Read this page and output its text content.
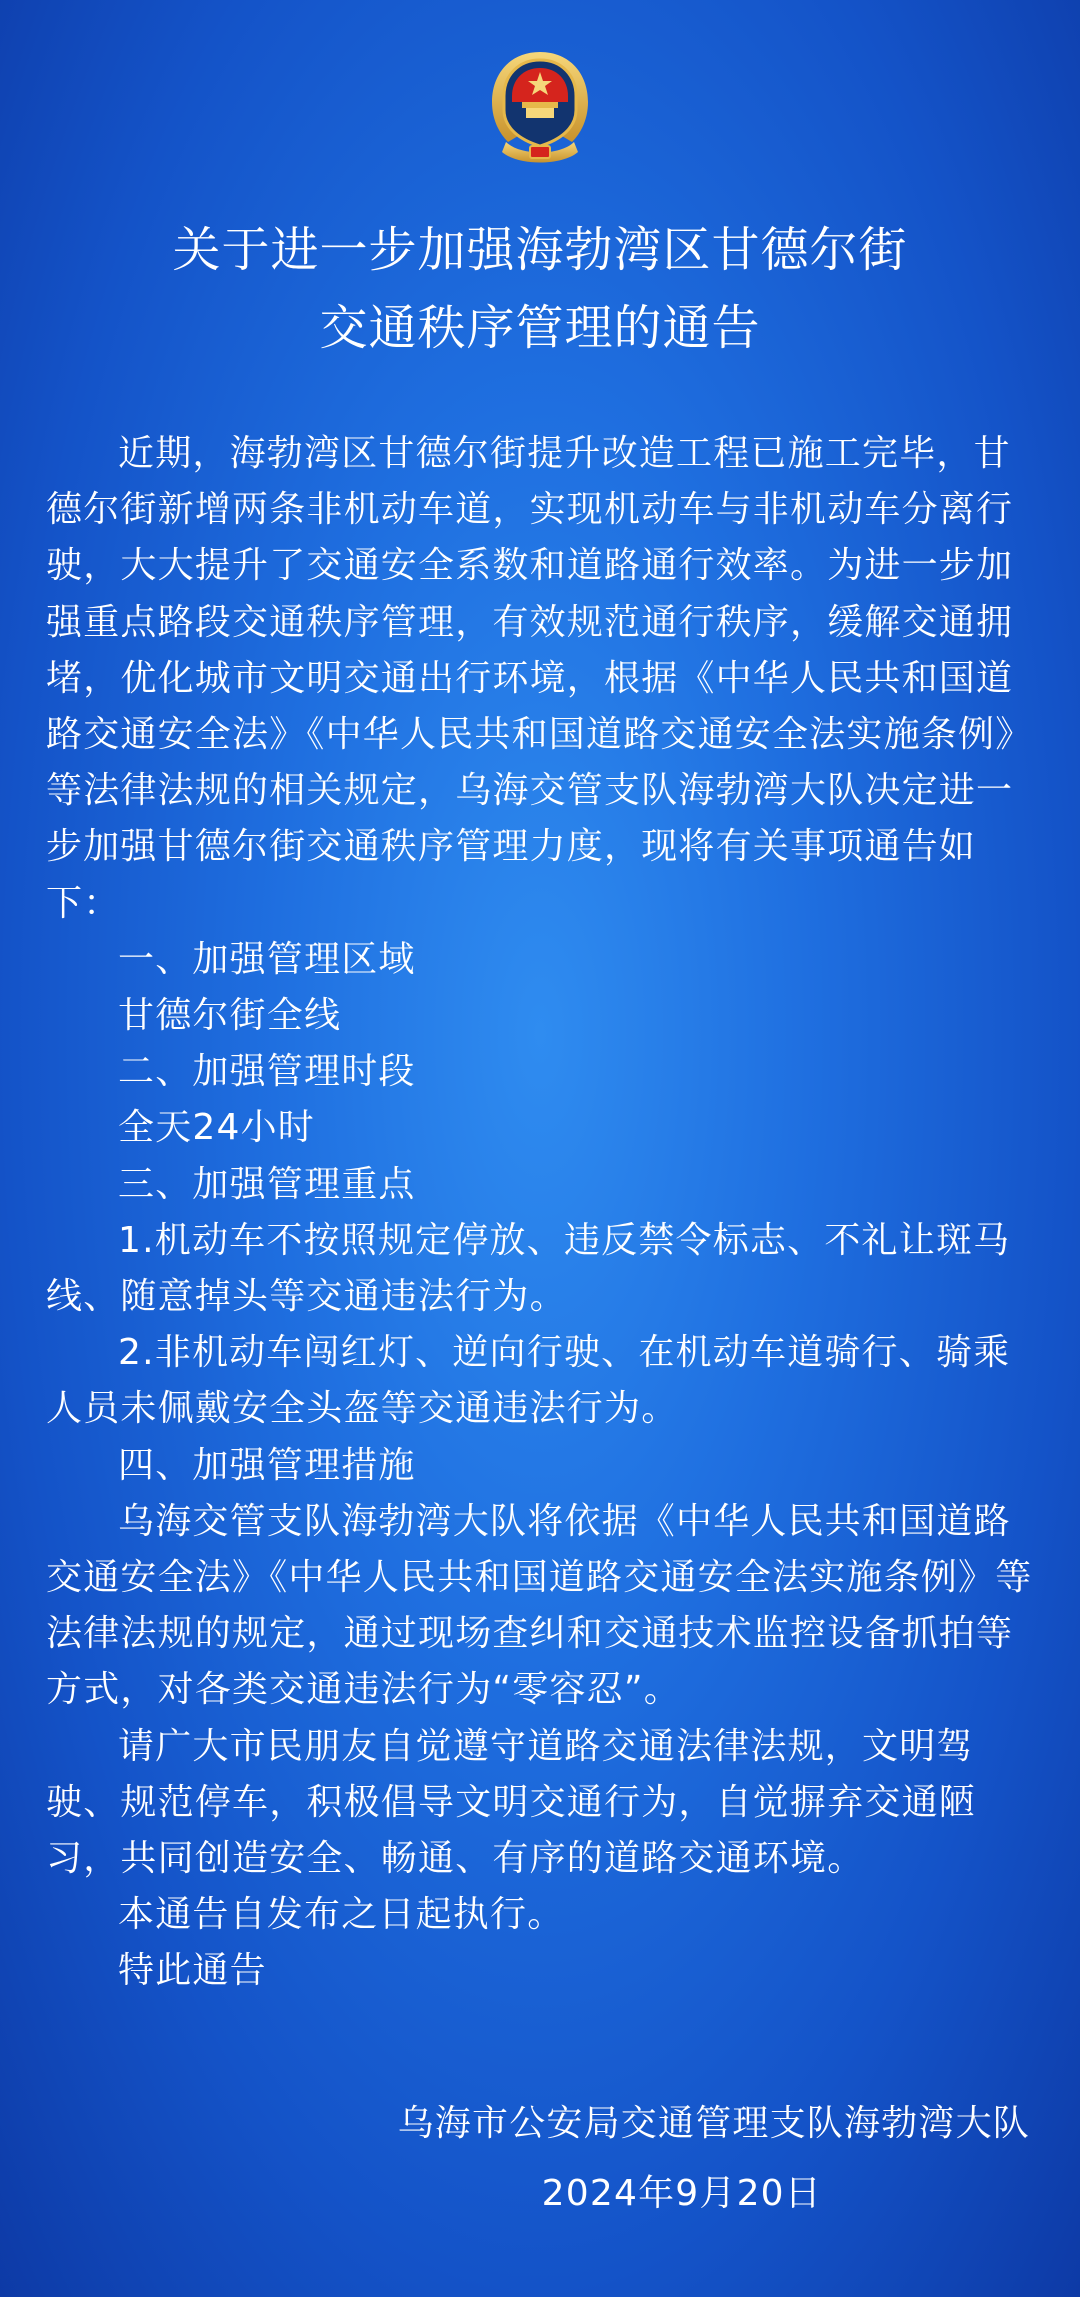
关于进一步加强海勃湾区甘德尔街
交通秩序管理的通告

近期，海勃湾区甘德尔街提升改造工程已施工完毕，甘德尔街新增两条非机动车道，实现机动车与非机动车分离行驶，大大提升了交通安全系数和道路通行效率。为进一步加强重点路段交通秩序管理，有效规范通行秩序，缓解交通拥堵，优化城市文明交通出行环境，根据《中华人民共和国道路交通安全法》《中华人民共和国道路交通安全法实施条例》等法律法规的相关规定，乌海交管支队海勃湾大队决定进一步加强甘德尔街交通秩序管理力度，现将有关事项通告如下：

一、加强管理区域

甘德尔街全线

二、加强管理时段

全天24小时

三、加强管理重点

1.机动车不按照规定停放、违反禁令标志、不礼让斑马线、随意掉头等交通违法行为。

2.非机动车闯红灯、逆向行驶、在机动车道骑行、骑乘人员未佩戴安全头盔等交通违法行为。

四、加强管理措施

乌海交管支队海勃湾大队将依据《中华人民共和国道路交通安全法》《中华人民共和国道路交通安全法实施条例》等法律法规的规定，通过现场查纠和交通技术监控设备抓拍等方式，对各类交通违法行为“零容忍”。

请广大市民朋友自觉遵守道路交通法律法规，文明驾驶、规范停车，积极倡导文明交通行为，自觉摒弃交通陋习，共同创造安全、畅通、有序的道路交通环境。

本通告自发布之日起执行。

特此通告

乌海市公安局交通管理支队海勃湾大队
2024年9月20日
